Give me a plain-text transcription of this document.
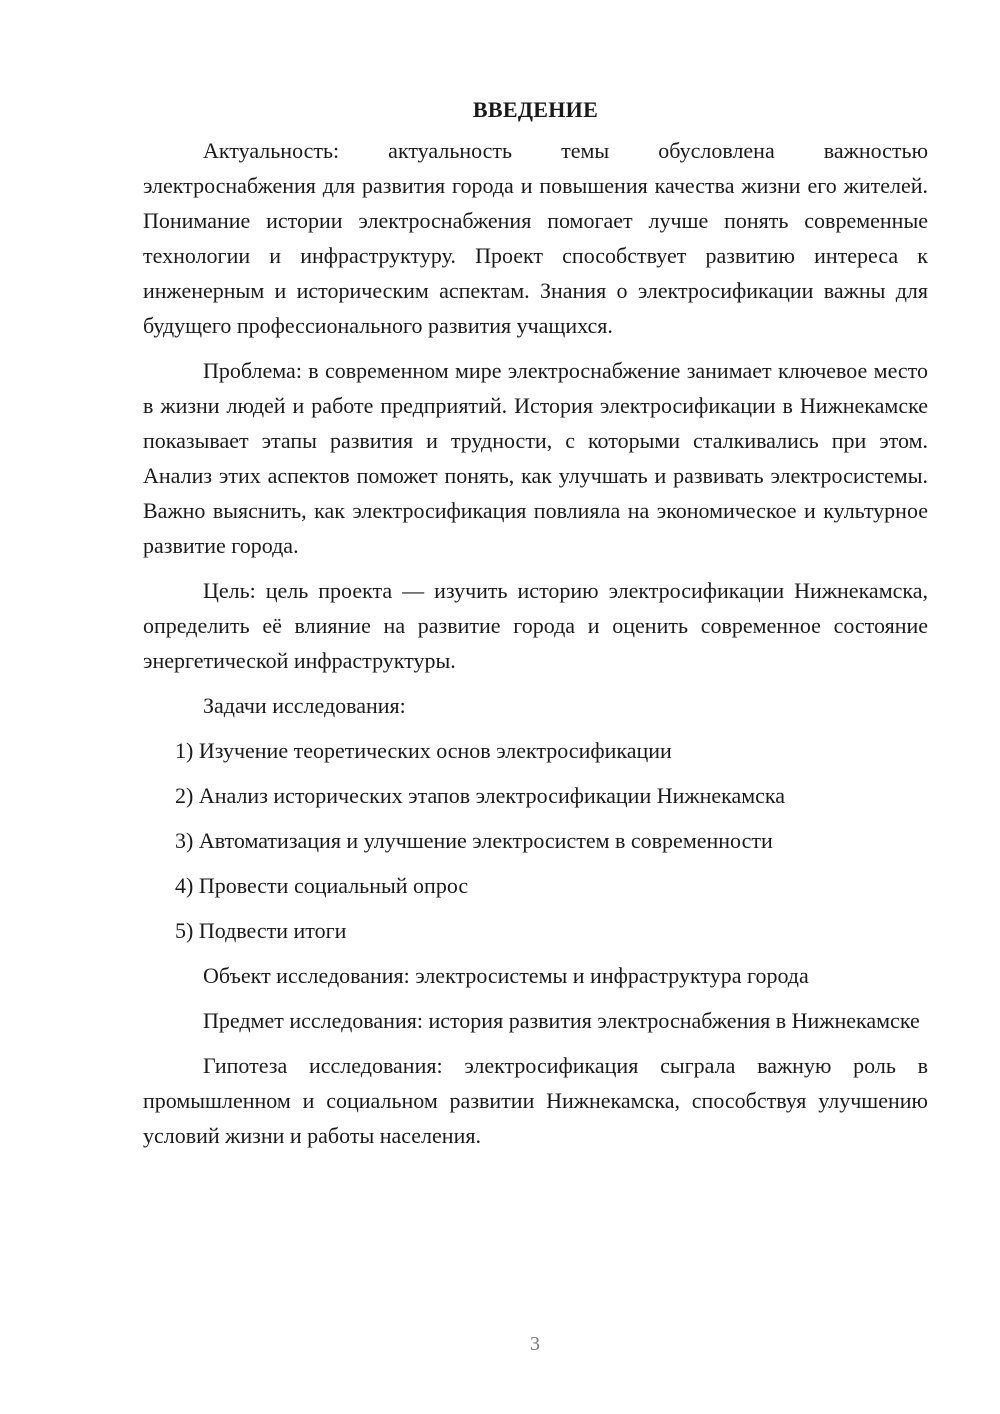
ВВЕДЕНИЕ

Актуальность: актуальность темы обусловлена важностью электроснабжения для развития города и повышения качества жизни его жителей. Понимание истории электроснабжения помогает лучше понять современные технологии и инфраструктуру. Проект способствует развитию интереса к инженерным и историческим аспектам. Знания о электросификации важны для будущего профессионального развития учащихся.

Проблема: в современном мире электроснабжение занимает ключевое место в жизни людей и работе предприятий. История электросификации в Нижнекамске показывает этапы развития и трудности, с которыми сталкивались при этом. Анализ этих аспектов поможет понять, как улучшать и развивать электросистемы. Важно выяснить, как электросификация повлияла на экономическое и культурное развитие города.

Цель: цель проекта — изучить историю электросификации Нижнекамска, определить её влияние на развитие города и оценить современное состояние энергетической инфраструктуры.

Задачи исследования:
1) Изучение теоретических основ электросификации
2) Анализ исторических этапов электросификации Нижнекамска
3) Автоматизация и улучшение электросистем в современности
4) Провести социальный опрос
5) Подвести итоги
Объект исследования: электросистемы и инфраструктура города

Предмет исследования: история развития электроснабжения в Нижнекамске

Гипотеза исследования: электросификация сыграла важную роль в промышленном и социальном развитии Нижнекамска, способствуя улучшению условий жизни и работы населения.

3
